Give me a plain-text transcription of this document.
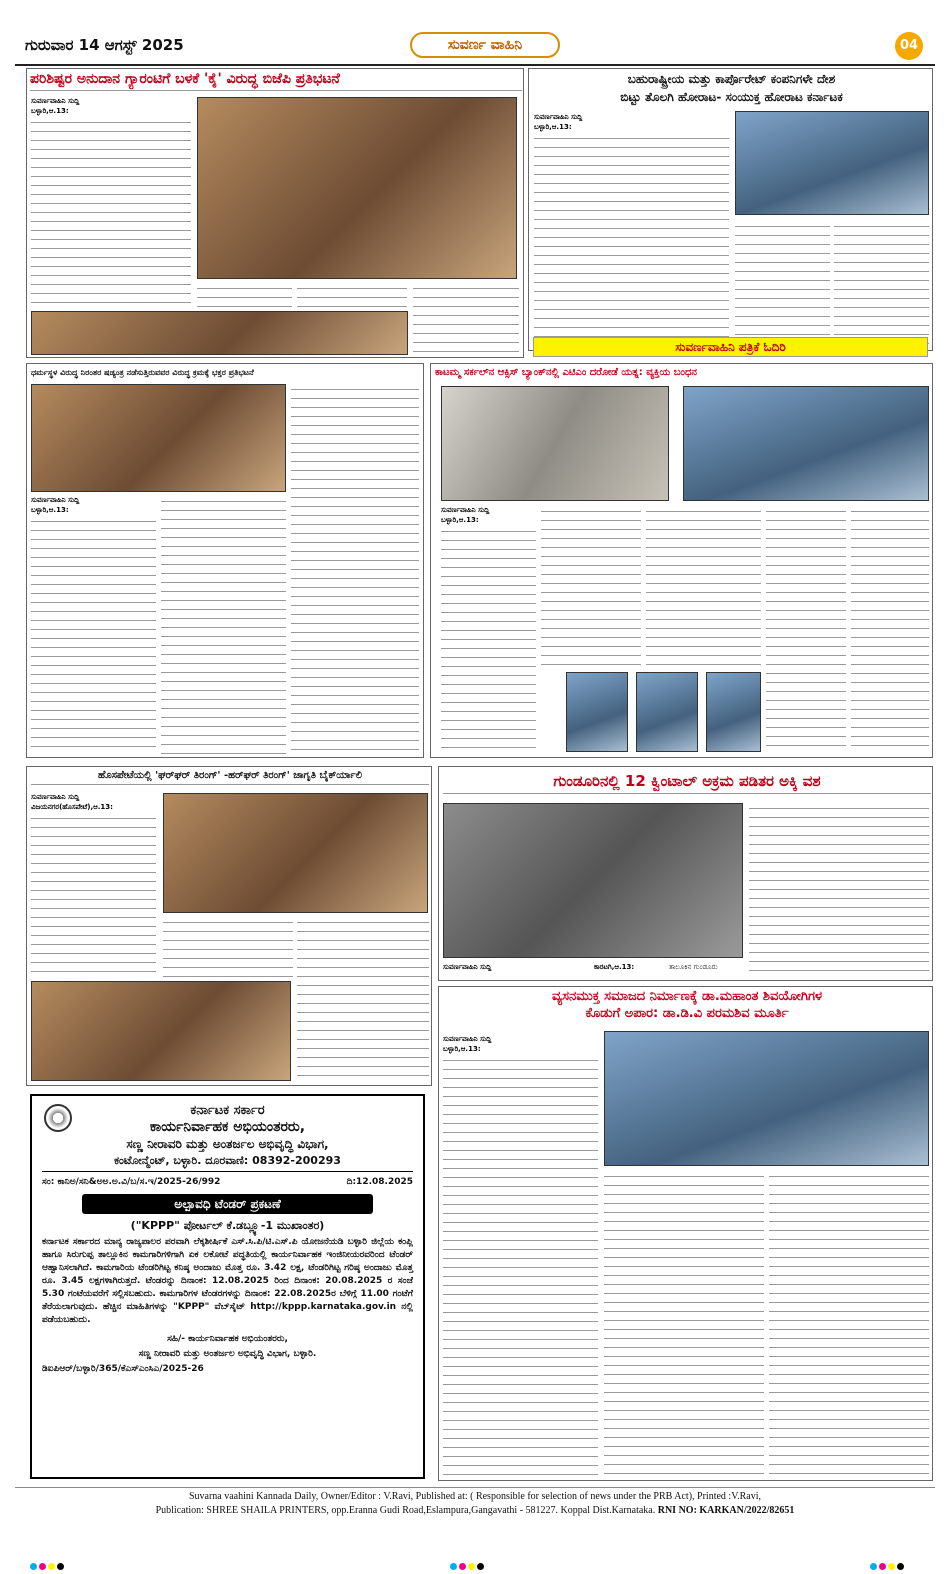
ಗುರುವಾರ 14 ಆಗಸ್ಟ್ 2025	ಸುವರ್ಣ ವಾಹಿನಿ	04
ಪರಿಶಿಷ್ಟರ ಅನುದಾನ ಗ್ಯಾರಂಟಿಗೆ ಬಳಕೆ 'ಕೈ' ವಿರುದ್ಧ ಬಿಜೆಪಿ ಪ್ರತಿಭಟನೆ
ಸುವರ್ಣವಾಹಿನಿ ಸುದ್ದಿ
ಬಳ್ಳಾರಿ,ಆ.13:
ಬಹುರಾಷ್ಟ್ರೀಯ ಮತ್ತು ಕಾರ್ಪೊರೇಟ್ ಕಂಪನಿಗಳೇ ದೇಶ
ಬಿಟ್ಟು ತೊಲಗಿ ಹೋರಾಟ- ಸಂಯುಕ್ತ ಹೋರಾಟ ಕರ್ನಾಟಕ
ಸುವರ್ಣವಾಹಿನಿ ಸುದ್ದಿ
ಬಳ್ಳಾರಿ,ಆ.13:
ಸುವರ್ಣವಾಹಿನಿ ಪತ್ರಿಕೆ ಓದಿರಿ
ಧರ್ಮಸ್ಥಳ ವಿರುದ್ಧ ನಿರಂತರ ಷಡ್ಯಂತ್ರ ನಡೆಸುತ್ತಿರುವವರ ವಿರುದ್ಧ ಕ್ರಮಕ್ಕೆ ಭಕ್ತರ ಪ್ರತಿಭಟನೆ
ಸುವರ್ಣವಾಹಿನಿ ಸುದ್ದಿ
ಬಳ್ಳಾರಿ,ಆ.13:
ಕಾಟಮ್ಮ ಸರ್ಕಲ್‌ನ ಆಕ್ಸಿಸ್ ಬ್ಯಾಂಕ್‌ನಲ್ಲಿ ಎಟಿಎಂ ದರೋಡೆ ಯತ್ನ: ವ್ಯಕ್ತಿಯ ಬಂಧನ
ಸುವರ್ಣವಾಹಿನಿ ಸುದ್ದಿ
ಬಳ್ಳಾರಿ,ಆ.13:
ಹೊಸಪೇಟೆಯಲ್ಲಿ 'ಘರ್‌ಘರ್ ತಿರಂಗ್' -ಹರ್‌ಘರ್ ತಿರಂಗ್' ಜಾಗೃತಿ ಬೈಕ್‌ರ್ಯಾಲಿ
ಸುವರ್ಣವಾಹಿನಿ ಸುದ್ದಿ
ವಿಜಯನಗರ(ಹೊಸಪೇಟೆ),ಆ.13:
ಗುಂಡೂರಿನಲ್ಲಿ 12 ಕ್ವಿಂಟಾಲ್ ಅಕ್ರಮ ಪಡಿತರ ಅಕ್ಕಿ ವಶ
ಸುವರ್ಣವಾಹಿನಿ ಸುದ್ದಿ	ಕಾರಟಗಿ,ಆ.13:	ತಾಲೂಕಿನ ಗುಂಡೂರು
ವ್ಯಸನಮುಕ್ತ ಸಮಾಜದ ನಿರ್ಮಾಣಕ್ಕೆ ಡಾ.ಮಹಾಂತ ಶಿವಯೋಗಿಗಳ
ಕೊಡುಗೆ ಅಪಾರ: ಡಾ.ಡಿ.ವಿ ಪರಮಶಿವ ಮೂರ್ತಿ
ಸುವರ್ಣವಾಹಿನಿ ಸುದ್ದಿ
ಬಳ್ಳಾರಿ,ಆ.13:
ಕರ್ನಾಟಕ ಸರ್ಕಾರ
ಕಾರ್ಯನಿರ್ವಾಹಕ ಅಭಿಯಂತರರು,
ಸಣ್ಣ ನೀರಾವರಿ ಮತ್ತು ಅಂತರ್ಜಲ ಅಭಿವೃದ್ಧಿ ವಿಭಾಗ,
ಕಂಟೋನ್ಮೆಂಟ್, ಬಳ್ಳಾರಿ. ದೂರವಾಣಿ: 08392-200293
ಸಂ: ಕಾನಿಅ/ಸನಿ&ಅಅ.ಅ.ವಿ/ಬ/ಸ.ಇ/2025-26/992	ದಿ:12.08.2025
ಅಲ್ಪಾವಧಿ ಟೆಂಡರ್ ಪ್ರಕಟಣೆ
("KPPP" ಪೋರ್ಟಲ್ ಕೆ.ಡಬ್ಲ್ಯೂ-1 ಮುಖಾಂತರ)
ಕರ್ನಾಟಕ ಸರ್ಕಾರದ ಮಾನ್ಯ ರಾಜ್ಯಪಾಲರ ಪರವಾಗಿ ಲೆಕ್ಕಶೀರ್ಷಿಕೆ ಎಸ್.ಸಿ.ಪಿ/ಟಿ.ಎಸ್.ಪಿ ಯೋಜನೆಯಡಿ ಬಳ್ಳಾರಿ ಜಿಲ್ಲೆಯ ಕಂಪ್ಲಿ ಹಾಗೂ ಸಿರುಗುಪ್ಪ ತಾಲ್ಲೂಕಿನ ಕಾಮಗಾರಿಗಳಿಗಾಗಿ ಏಕ ಲಕೋಟೆ ಪದ್ಧತಿಯಲ್ಲಿ ಕಾರ್ಯನಿರ್ವಾಹಕ ಇಂಜಿನೀಯರವರಿಂದ ಟೆಂಡರ್ ಆಹ್ವಾನಿಸಲಾಗಿದೆ. ಕಾಮಗಾರಿಯ ಟೆಂಡರಿಗಿಟ್ಟ ಕನಿಷ್ಠ ಅಂದಾಜು ಮೊತ್ತ ರೂ. 3.42 ಲಕ್ಷ, ಟೆಂಡರಿಗಿಟ್ಟ ಗರಿಷ್ಠ ಅಂದಾಜು ಮೊತ್ತ ರೂ. 3.45 ಲಕ್ಷಗಳಾಗಿರುತ್ತದೆ. ಟೆಂಡರನ್ನು ದಿನಾಂಕ: 12.08.2025 ರಿಂದ ದಿನಾಂಕ: 20.08.2025 ರ ಸಂಜೆ 5.30 ಗಂಟೆಯವರೆಗೆ ಸಲ್ಲಿಸಬಹುದು. ಕಾಮಗಾರಿಗಳ ಟೆಂಡರಗಳನ್ನು ದಿನಾಂಕ: 22.08.2025ರ ಬೆಳಿಗ್ಗೆ 11.00 ಗಂಟೆಗೆ ತೆರೆಯಲಾಗುವುದು. ಹೆಚ್ಚಿನ ಮಾಹಿತಿಗಳನ್ನು "KPPP" ವೆಬ್‌ಸೈಟ್ http://kppp.karnataka.gov.in ನಲ್ಲಿ ಪಡೆಯಬಹುದು.
ಸಹಿ/- ಕಾರ್ಯನಿರ್ವಾಹಕ ಅಭಿಯಂತರರು,
ಸಣ್ಣ ನೀರಾವರಿ ಮತ್ತು ಅಂತರ್ಜಲ ಅಭಿವೃದ್ಧಿ ವಿಭಾಗ, ಬಳ್ಳಾರಿ.
ಡಿಐಪಿಆರ್/ಬಳ್ಳಾರಿ/365/ಕೆಎಸ್‌ಎಂಸಿಎ/2025-26
Suvarna vaahini Kannada Daily, Owner/Editor : V.Ravi, Published at: ( Responsible for selection of news under the PRB Act), Printed :V.Ravi,
Publication: SHREE SHAILA PRINTERS, opp.Eranna Gudi Road,Eslampura,Gangavathi - 581227. Koppal Dist.Karnataka. RNI NO: KARKAN/2022/82651
